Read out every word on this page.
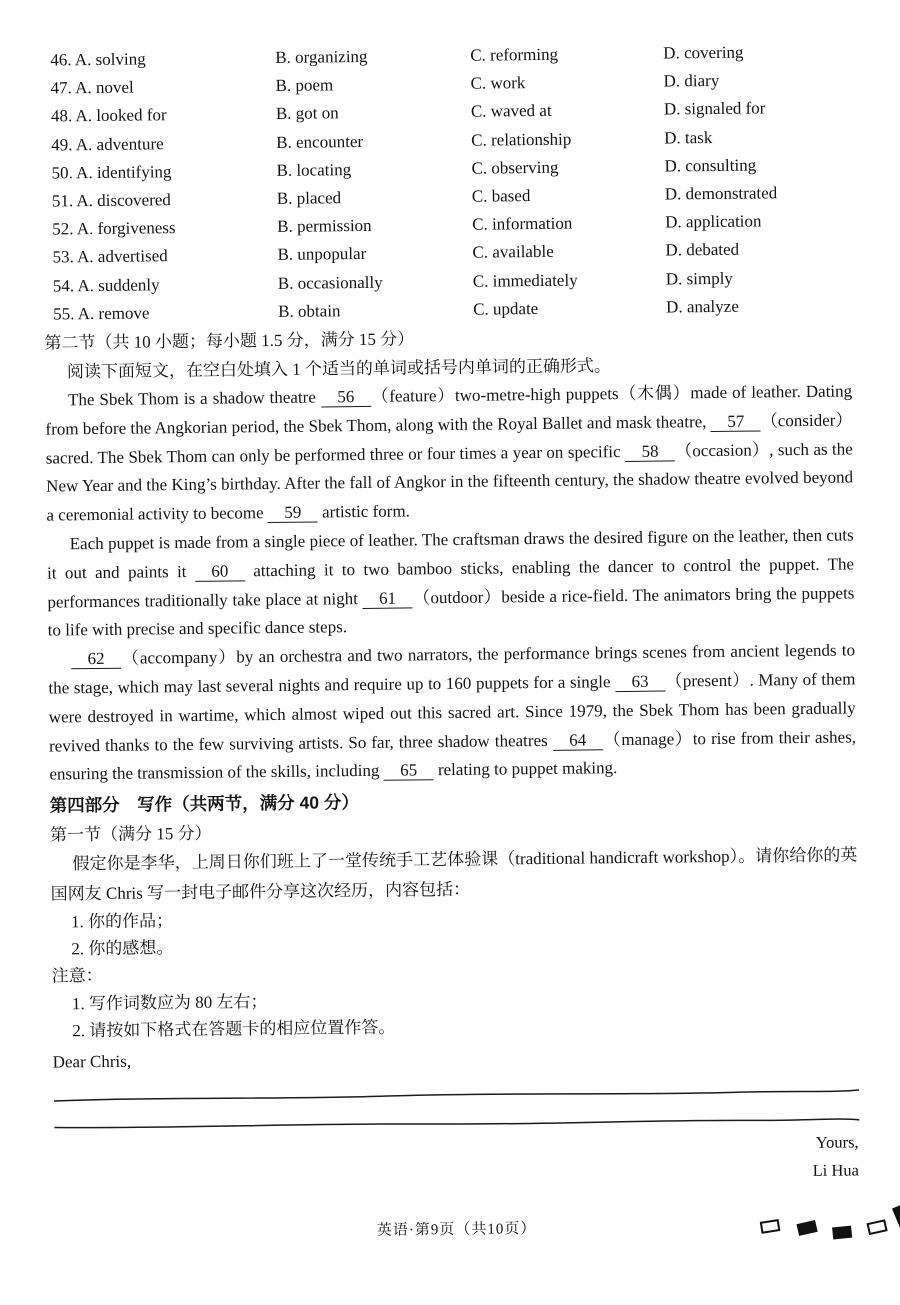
46. A. solving	B. organizing	C. reforming	D. covering
47. A. novel	B. poem	C. work	D. diary
48. A. looked for	B. got on	C. waved at	D. signaled for
49. A. adventure	B. encounter	C. relationship	D. task
50. A. identifying	B. locating	C. observing	D. consulting
51. A. discovered	B. placed	C. based	D. demonstrated
52. A. forgiveness	B. permission	C. information	D. application
53. A. advertised	B. unpopular	C. available	D. debated
54. A. suddenly	B. occasionally	C. immediately	D. simply
55. A. remove	B. obtain	C. update	D. analyze
第二节（共 10 小题；每小题 1.5 分，满分 15 分）
阅读下面短文，在空白处填入 1 个适当的单词或括号内单词的正确形式。

The Sbek Thom is a shadow theatre 56 （feature）two-metre-high puppets（木偶）made of leather. Dating from before the Angkorian period, the Sbek Thom, along with the Royal Ballet and mask theatre, 57 （consider）sacred. The Sbek Thom can only be performed three or four times a year on specific 58 （occasion）, such as the New Year and the King’s birthday. After the fall of Angkor in the fifteenth century, the shadow theatre evolved beyond a ceremonial activity to become 59 artistic form.

Each puppet is made from a single piece of leather. The craftsman draws the desired figure on the leather, then cuts it out and paints it 60 attaching it to two bamboo sticks, enabling the dancer to control the puppet. The performances traditionally take place at night 61 （outdoor）beside a rice-field. The animators bring the puppets to life with precise and specific dance steps.

62 （accompany）by an orchestra and two narrators, the performance brings scenes from ancient legends to the stage, which may last several nights and require up to 160 puppets for a single 63 （present）. Many of them were destroyed in wartime, which almost wiped out this sacred art. Since 1979, the Sbek Thom has been gradually revived thanks to the few surviving artists. So far, three shadow theatres 64 （manage）to rise from their ashes, ensuring the transmission of the skills, including 65 relating to puppet making.

第四部分　写作（共两节，满分 40 分）
第一节（满分 15 分）

假定你是李华，上周日你们班上了一堂传统手工艺体验课（traditional handicraft workshop）。请你给你的英国网友 Chris 写一封电子邮件分享这次经历，内容包括：

1. 你的作品；
2. 你的感想。
注意：
1. 写作词数应为 80 左右；
2. 请按如下格式在答题卡的相应位置作答。
Dear Chris,
Yours,
Li Hua
英语·第9页（共10页）
